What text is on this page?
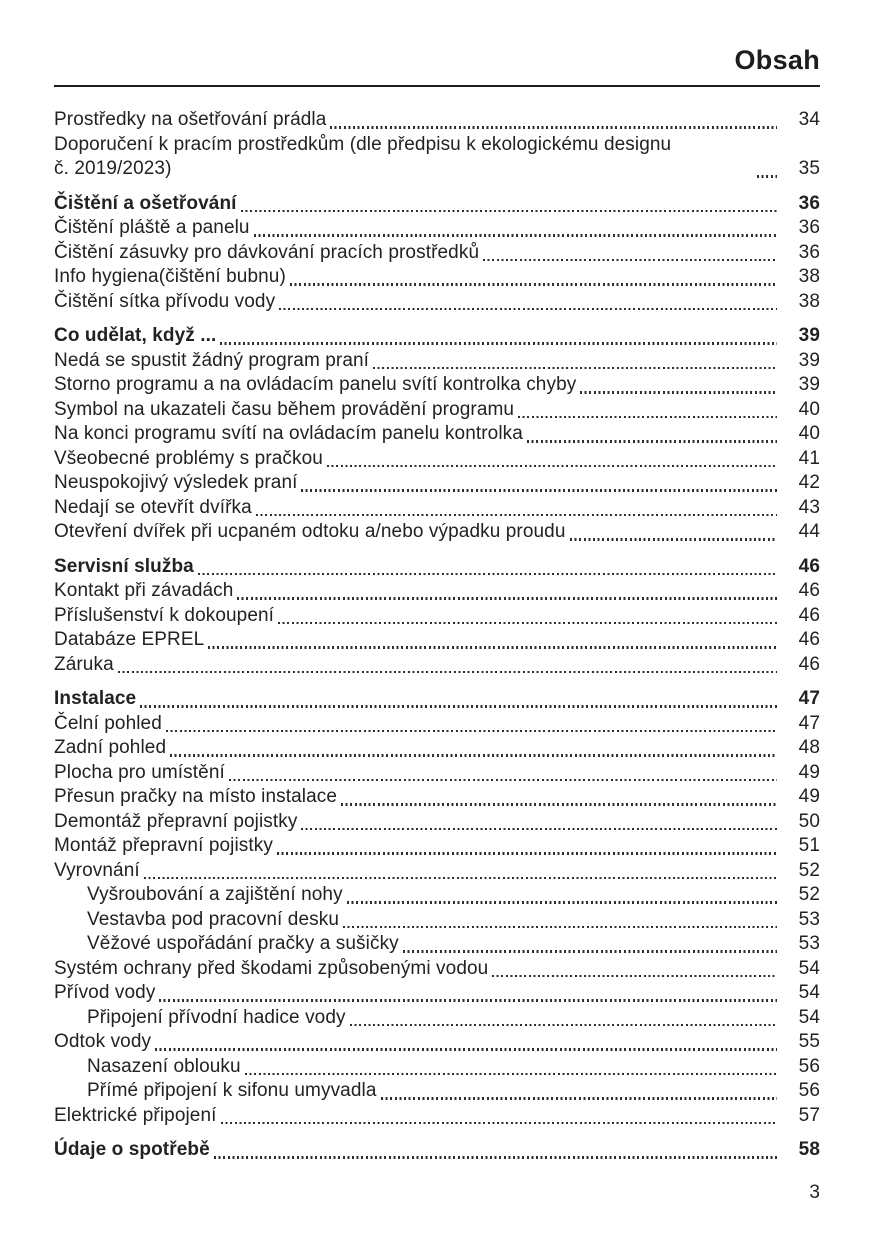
Obsah
Prostředky na ošetřování prádla	34
Doporučení k pracím prostředkům (dle předpisu k ekologickému designu č. 2019/2023)	35
Čištění a ošetřování	36
Čištění pláště a panelu	36
Čištění zásuvky pro dávkování pracích prostředků	36
Info hygiena(čištění bubnu)	38
Čištění sítka přívodu vody	38
Co udělat, když ...	39
Nedá se spustit žádný program praní	39
Storno programu a na ovládacím panelu svítí kontrolka chyby	39
Symbol na ukazateli času během provádění programu	40
Na konci programu svítí na ovládacím panelu kontrolka	40
Všeobecné problémy s pračkou	41
Neuspokojivý výsledek praní	42
Nedají se otevřít dvířka	43
Otevření dvířek při ucpaném odtoku a/nebo výpadku proudu	44
Servisní služba	46
Kontakt při závadách	46
Příslušenství k dokoupení	46
Databáze EPREL	46
Záruka	46
Instalace	47
Čelní pohled	47
Zadní pohled	48
Plocha pro umístění	49
Přesun pračky na místo instalace	49
Demontáž přepravní pojistky	50
Montáž přepravní pojistky	51
Vyrovnání	52
Vyšroubování a zajištění nohy	52
Vestavba pod pracovní desku	53
Věžové uspořádání pračky a sušičky	53
Systém ochrany před škodami způsobenými vodou	54
Přívod vody	54
Připojení přívodní hadice vody	54
Odtok vody	55
Nasazení oblouku	56
Přímé připojení k sifonu umyvadla	56
Elektrické připojení	57
Údaje o spotřebě	58
3
